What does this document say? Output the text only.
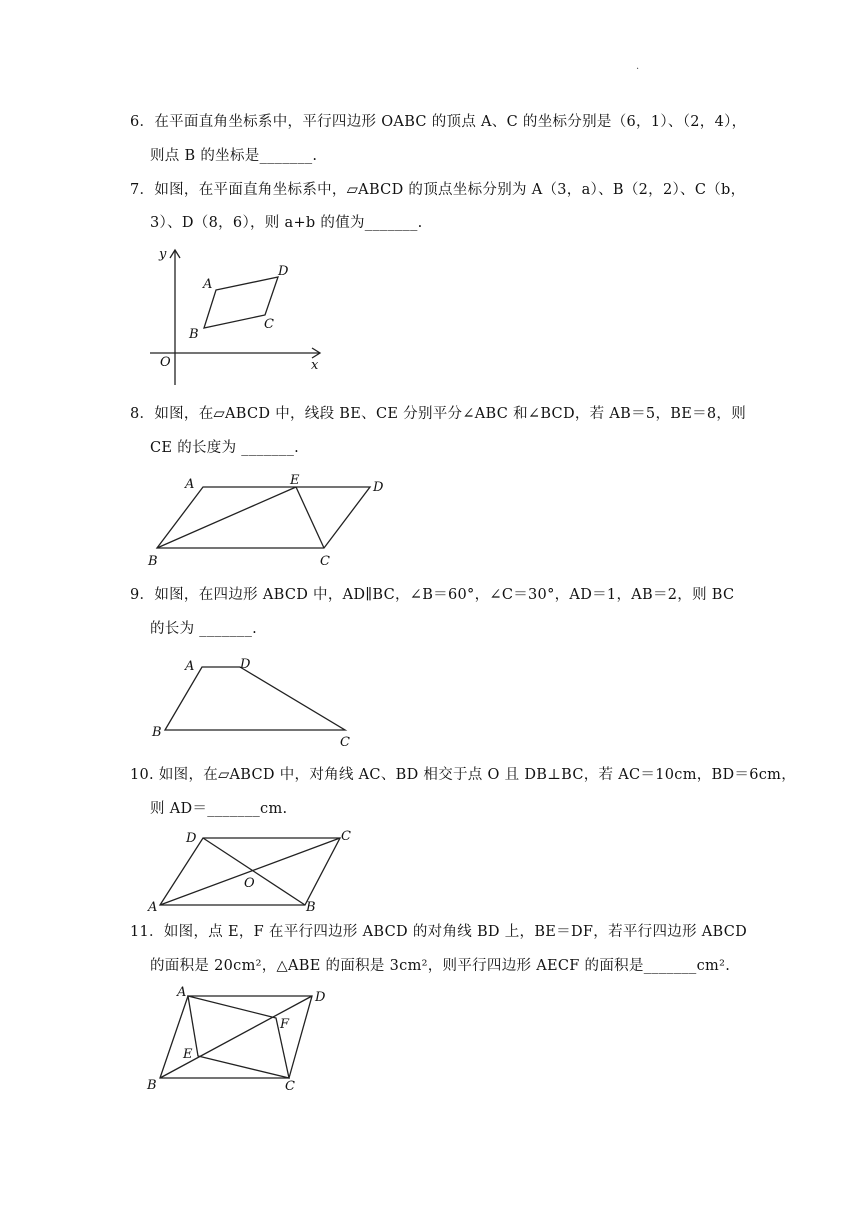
·
6．在平面直角坐标系中，平行四边形 OABC 的顶点 A、C 的坐标分别是（6，1）、（2，4），
则点 B 的坐标是_______.
7．如图，在平面直角坐标系中，▱ABCD 的顶点坐标分别为 A（3，a）、B（2，2）、C（b，
3）、D（8，6），则 a+b 的值为_______.
y
x
O
A
D
C
B
8．如图，在▱ABCD 中，线段 BE、CE 分别平分∠ABC 和∠BCD，若 AB＝5，BE＝8，则
CE 的长度为 _______.
A	E	D
B	C
9．如图，在四边形 ABCD 中，AD∥BC，∠B＝60°，∠C＝30°，AD＝1，AB＝2，则 BC
的长为 _______.
A	D
B
C
10. 如图，在▱ABCD 中，对角线 AC、BD 相交于点 O 且 DB⊥BC，若 AC＝10cm，BD＝6cm，
则 AD＝_______cm.
D	C
O
A	B
11．如图，点 E，F 在平行四边形 ABCD 的对角线 BD 上，BE＝DF，若平行四边形 ABCD
的面积是 20cm²，△ABE 的面积是 3cm²，则平行四边形 AECF 的面积是_______cm².
A	D
F
E
B	C
